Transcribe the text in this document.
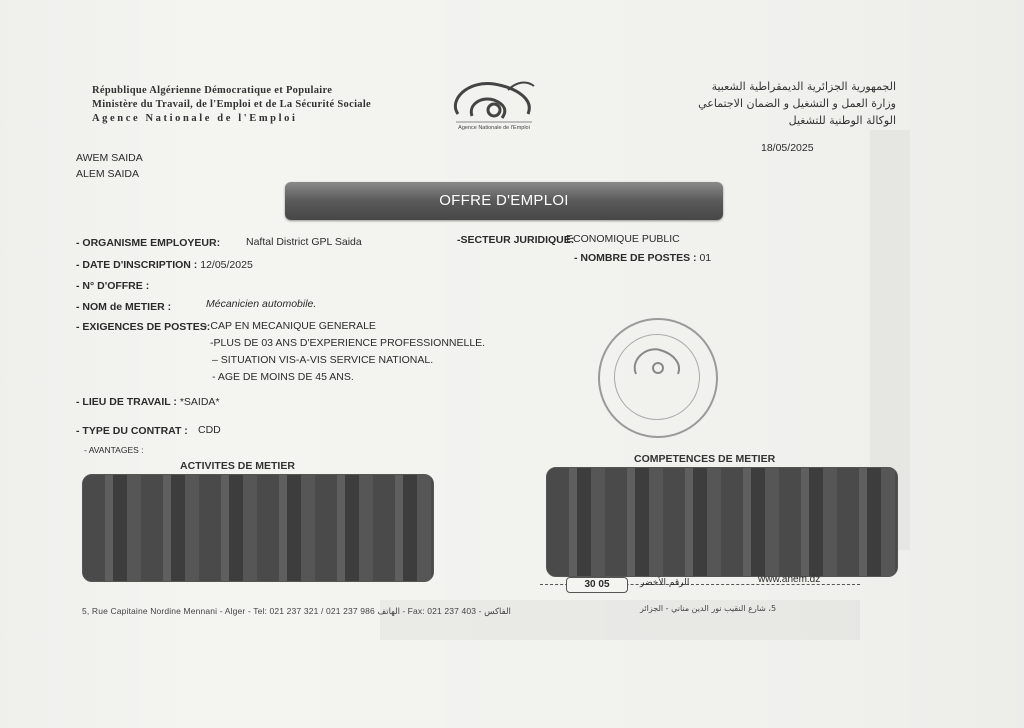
République Algérienne Démocratique et Populaire
Ministère du Travail, de l'Emploi et de La Sécurité Sociale
Agence Nationale de l'Emploi
Agence Nationale de l'Emploi
الجمهورية الجزائرية الديمقراطية الشعبية
وزارة العمل و التشغيل و الضمان الاجتماعي
الوكالة الوطنية للتشغيل
AWEM SAIDA
ALEM SAIDA
18/05/2025
OFFRE D'EMPLOI
- ORGANISME EMPLOYEUR: Naftal District GPL Saida	-SECTEUR JURIDIQUE:
ECONOMIQUE PUBLIC
- DATE D'INSCRIPTION : 12/05/2025
- NOMBRE DE POSTES : 01
- N° D'OFFRE :
- NOM de METIER :	Mécanicien automobile.
- EXIGENCES DE POSTES:
- CAP EN MECANIQUE GENERALE
-PLUS DE 03 ANS D'EXPERIENCE PROFESSIONNELLE.
– SITUATION VIS-A-VIS SERVICE NATIONAL.
- AGE DE MOINS DE 45 ANS.
- LIEU DE TRAVAIL : *SAIDA*
- TYPE DU CONTRAT : CDD
- AVANTAGES :
ACTIVITES DE METIER
COMPETENCES DE METIER
30 05	الرقم الأخضر	www.anem.dz
5, Rue Capitaine Nordine Mennani - Alger - Tel: 021 237 321 / 021 237 986 الهاتف - Fax: 021 237 403 - الفاكس	5، شارع النقيب نور الدين مناني - الجزائر
